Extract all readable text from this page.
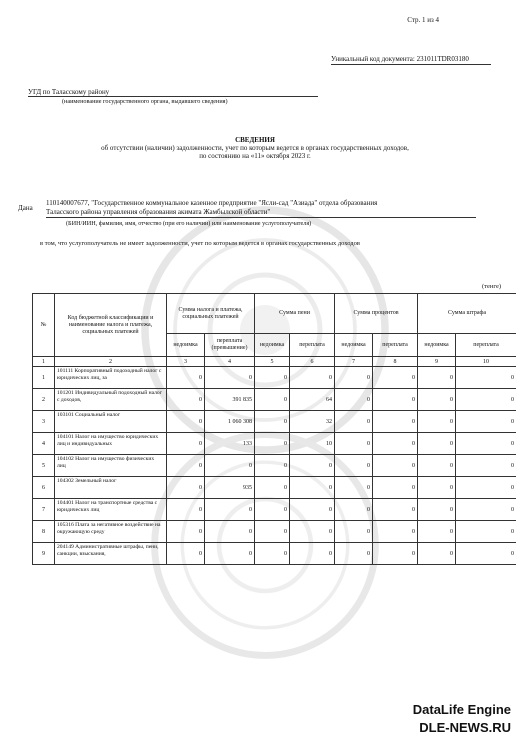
Стр. 1 из 4
Уникальный код документа: 231011TDR03180
УГД по Таласскому району
(наименование государственного органа, выдавшего сведения)
СВЕДЕНИЯ
об отсутствии (наличии) задолженности, учет по которым ведется в органах государственных доходов,
по состоянию на «11» октября 2023 г.
Дана
110140007677, "Государственное коммунальное казенное предприятие "Ясли-сад "Азиада" отдела образования Таласского района управления образования акимата Жамбылской области"
(БИН/ИИН, фамилия, имя, отчество (при его наличии) или наименование услугополучателя)
в том, что услугополучатель не имеет задолженности, учет по которым ведется в органах государственных доходов
(тенге)
№	Код бюджетной классификации и наименование налога и платежа, социальных платежей	Сумма налога и платежа, социальных платежей		Сумма пени		Сумма процентов		Сумма штрафа	
		недоимка	переплата (превышение)	недоимка	переплата	недоимка	переплата	недоимка	переплата
1	2	3	4	5	6	7	8	9	10
1	101111 Корпоративный подоходный налог с юридических лиц, за	0	0	0	0	0	0	0	0
2	101201 Индивидуальный подоходный налог с доходов,	0	391 835	0	64	0	0	0	0
3	103101 Социальный налог	0	1 060 308	0	32	0	0	0	0
4	104101 Налог на имущество юридических лиц и индивидуальных	0	133	0	10	0	0	0	0
5	104102 Налог на имущество физических лиц	0	0	0	0	0	0	0	0
6	104302 Земельный налог	0	935	0	0	0	0	0	0
7	104401 Налог на транспортные средства с юридических лиц	0	0	0	0	0	0	0	0
8	105316 Плата за негативное воздействие на окружающую среду	0	0	0	0	0	0	0	0
9	204149 Административные штрафы, пени, санкции, взыскания,	0	0	0	0	0	0	0	0
DataLife Engine
DLE-NEWS.RU
